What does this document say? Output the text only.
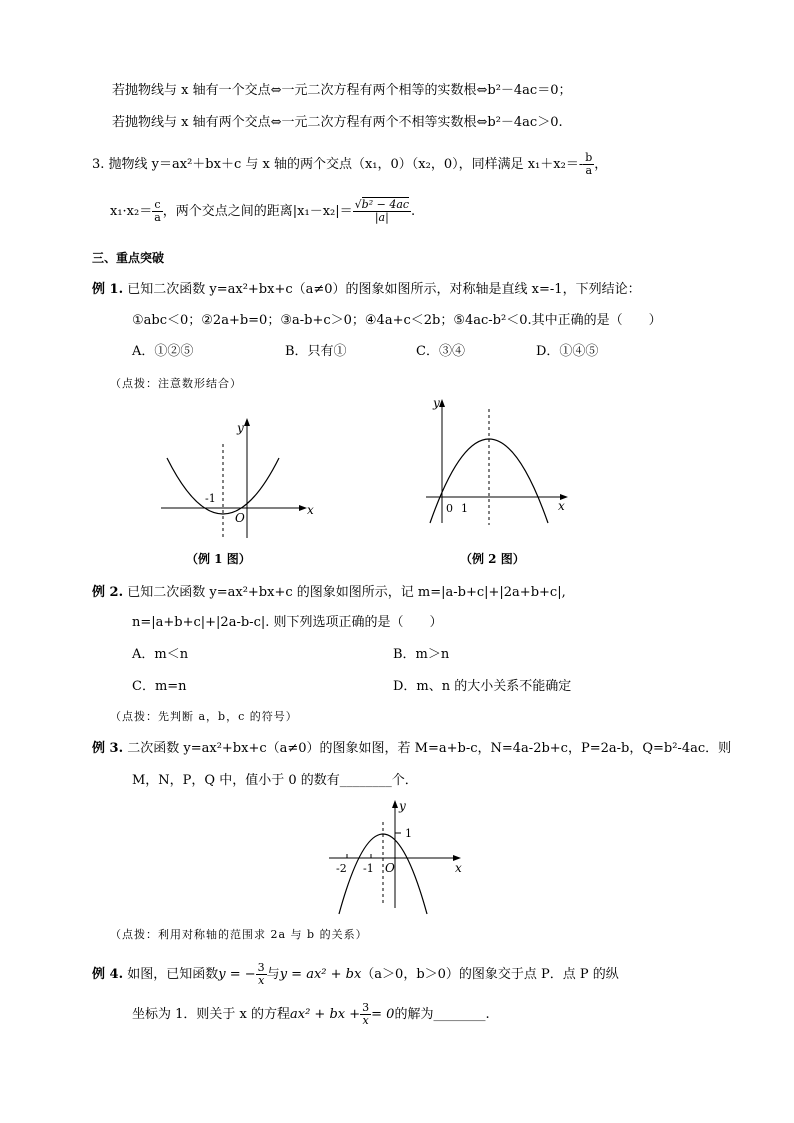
若抛物线与 x 轴有一个交点⇔一元二次方程有两个相等的实数根⇔b²－4ac＝0；
若抛物线与 x 轴有两个交点⇔一元二次方程有两个不相等实数根⇔b²－4ac＞0.
3. 抛物线 y＝ax²＋bx＋c 与 x 轴的两个交点（x₁，0）（x₂，0），同样满足 $x_1+x_2=- \frac{b}{a}$ ，
$x_1\cdot x_2= \frac{c}{a}$ ，两个交点之间的距离$|x_1-x_2|= \frac{\text{√b² − 4ac}}{|a|}$ .
三、重点突破
例 1. 已知二次函数 y=ax²+bx+c（a≠0）的图象如图所示，对称轴是直线 x=-1，下列结论：
①abc＜0；②2a+b=0；③a-b+c＞0；④4a+c＜2b；⑤4ac-b²＜0.其中正确的是（　　）
A．①②⑤	B．只有①	C．③④	D．①④⑤
（点拨：注意数形结合）
x
y
O
-1
（例 1 图）
x
y
0 1
（例 2 图）
例 2. 已知二次函数 y=ax²+bx+c 的图象如图所示，记 m=|a-b+c|+|2a+b+c|,
n=|a+b+c|+|2a-b-c|. 则下列选项正确的是（　　）
A．m＜n	B．m＞n
C．m=n	D．m、n 的大小关系不能确定
（点拨：先判断 a，b，c 的符号）
例 3. 二次函数 y=ax²+bx+c（a≠0）的图象如图，若 M=a+b-c，N=4a-2b+c，P=2a-b，Q=b²-4ac．则
M，N，P，Q 中，值小于 0 的数有________个．
x
y
O
-2 -1
1
（点拨：利用对称轴的范围求 2a 与 b 的关系）
例 4. 如图，已知函数y = − $\frac{3}{x}$ 与y = ax² + bx（a＞0，b＞0）的图象交于点 P．点 P 的纵
坐标为 1．则关于 x 的方程ax² + bx + $\frac{3}{x} = 0$的解为________.
